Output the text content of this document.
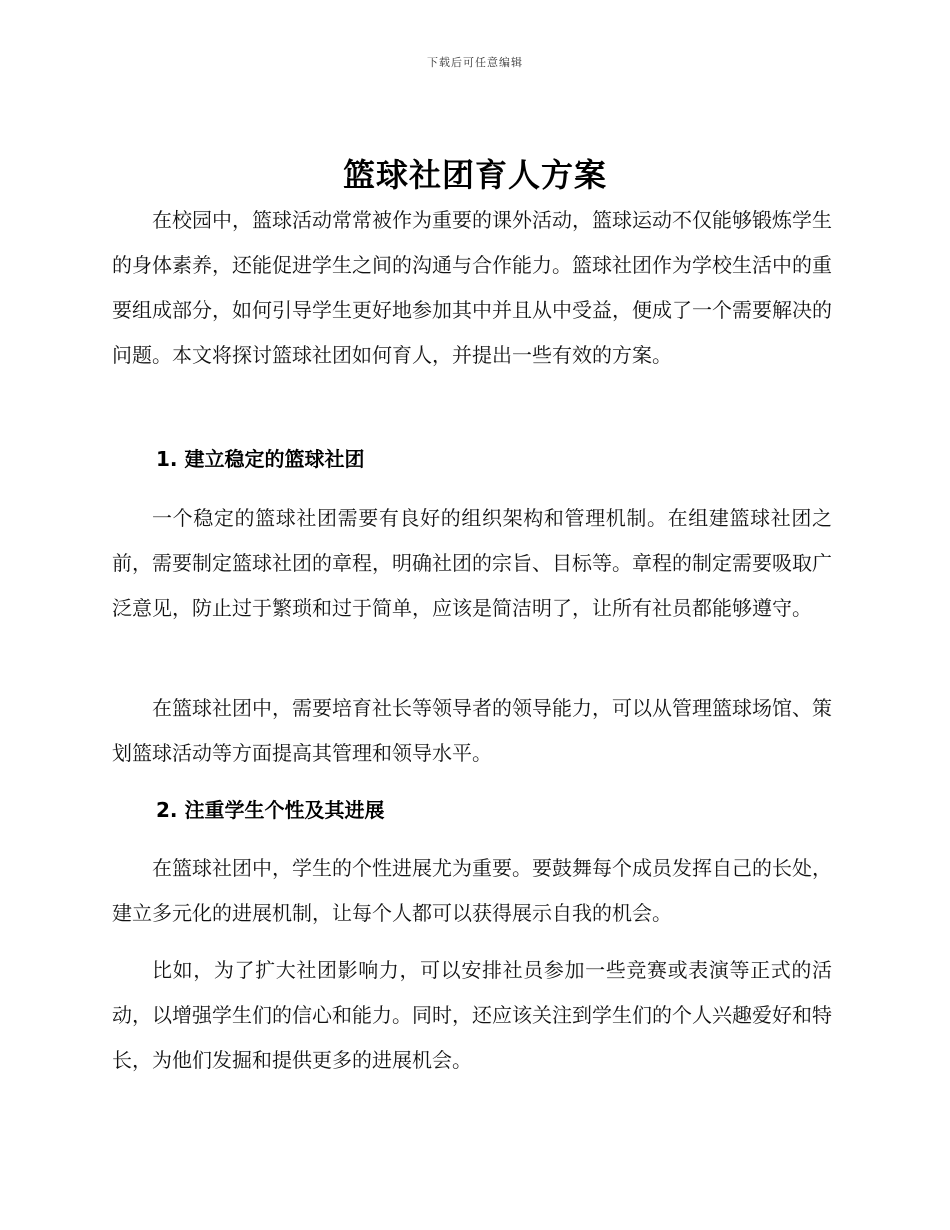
下载后可任意编辑
篮球社团育人方案

在校园中，篮球活动常常被作为重要的课外活动，篮球运动不仅能够锻炼学生的身体素养，还能促进学生之间的沟通与合作能力。篮球社团作为学校生活中的重要组成部分，如何引导学生更好地参加其中并且从中受益，便成了一个需要解决的问题。本文将探讨篮球社团如何育人，并提出一些有效的方案。

1. 建立稳定的篮球社团

一个稳定的篮球社团需要有良好的组织架构和管理机制。在组建篮球社团之前，需要制定篮球社团的章程，明确社团的宗旨、目标等。章程的制定需要吸取广泛意见，防止过于繁琐和过于简单，应该是简洁明了，让所有社员都能够遵守。

在篮球社团中，需要培育社长等领导者的领导能力，可以从管理篮球场馆、策划篮球活动等方面提高其管理和领导水平。

2. 注重学生个性及其进展

在篮球社团中，学生的个性进展尤为重要。要鼓舞每个成员发挥自己的长处，建立多元化的进展机制，让每个人都可以获得展示自我的机会。

比如，为了扩大社团影响力，可以安排社员参加一些竞赛或表演等正式的活动，以增强学生们的信心和能力。同时，还应该关注到学生们的个人兴趣爱好和特长，为他们发掘和提供更多的进展机会。
